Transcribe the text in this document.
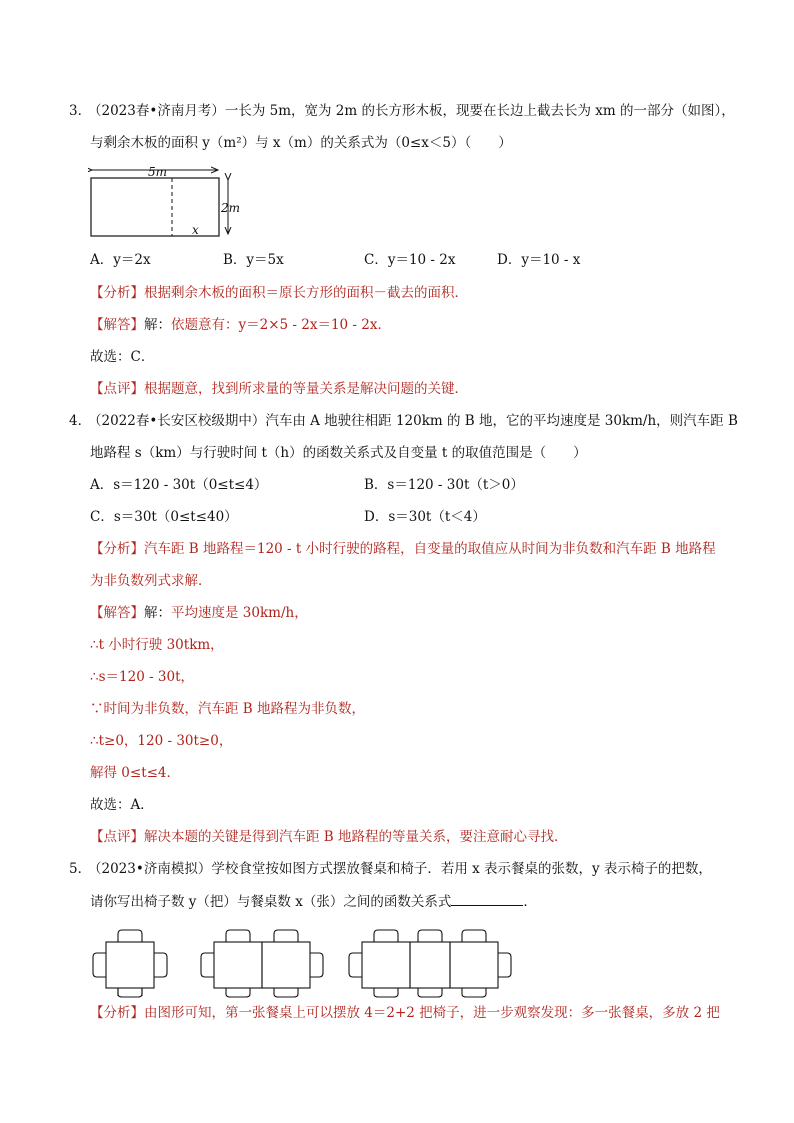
（2023春•济南月考）一长为 5m，宽为 2m 的长方形木板，现要在长边上截去长为 xm 的一部分（如图），
3．
与剩余木板的面积 y（m²）与 x（m）的关系式为（0≤x＜5）（　　）
5m
2m
x
A．y＝2x	B．y＝5x	C．y＝10 - 2x	D．y＝10 - x
【分析】根据剩余木板的面积＝原长方形的面积－截去的面积．
【解答】解：依题意有：y＝2×5 - 2x＝10 - 2x．
故选：C．
【点评】根据题意，找到所求量的等量关系是解决问题的关键．
4．
（2022春•长安区校级期中）汽车由 A 地驶往相距 120km 的 B 地，它的平均速度是 30km/h，则汽车距 B
地路程 s（km）与行驶时间 t（h）的函数关系式及自变量 t 的取值范围是（　　）
A．s＝120 - 30t（0≤t≤4）	B．s＝120 - 30t（t＞0）
C．s＝30t（0≤t≤40）	D．s＝30t（t＜4）
【分析】汽车距 B 地路程＝120 - t 小时行驶的路程，自变量的取值应从时间为非负数和汽车距 B 地路程
为非负数列式求解．
【解答】解：平均速度是 30km/h，
∴t 小时行驶 30tkm，
∴s＝120 - 30t，
∵时间为非负数，汽车距 B 地路程为非负数，
∴t≥0，120 - 30t≥0，
解得 0≤t≤4．
故选：A．
【点评】解决本题的关键是得到汽车距 B 地路程的等量关系，要注意耐心寻找．
5．
（2023•济南模拟）学校食堂按如图方式摆放餐桌和椅子．若用 x 表示餐桌的张数，y 表示椅子的把数，
请你写出椅子数 y（把）与餐桌数 x（张）之间的函数关系式	．
【分析】由图形可知，第一张餐桌上可以摆放 4＝2+2 把椅子，进一步观察发现：多一张餐桌，多放 2 把
